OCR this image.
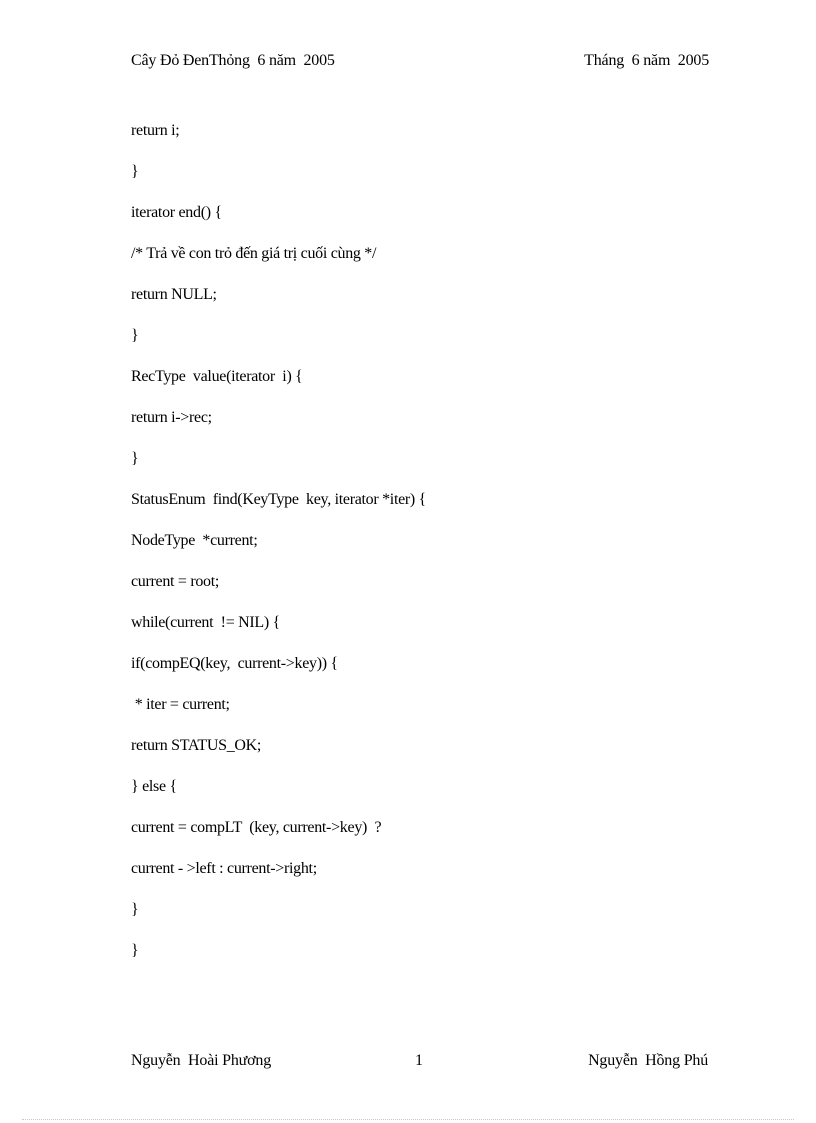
Cây Đỏ ĐenThỏng  6 năm  2005	Tháng  6 năm  2005
return i;
}
iterator end() {
/* Trả về con trỏ đến giá trị cuối cùng */
return NULL;
}
RecType  value(iterator  i) {
return i->rec;
}
StatusEnum  find(KeyType  key, iterator *iter) {
NodeType  *current;
current = root;
while(current  != NIL) {
if(compEQ(key,  current->key)) {
* iter = current;
return STATUS_OK;
} else {
current = compLT  (key, current->key)  ?
current - >left : current->right;
}
}
Nguyễn  Hoài Phương	1	Nguyễn  Hồng Phú
